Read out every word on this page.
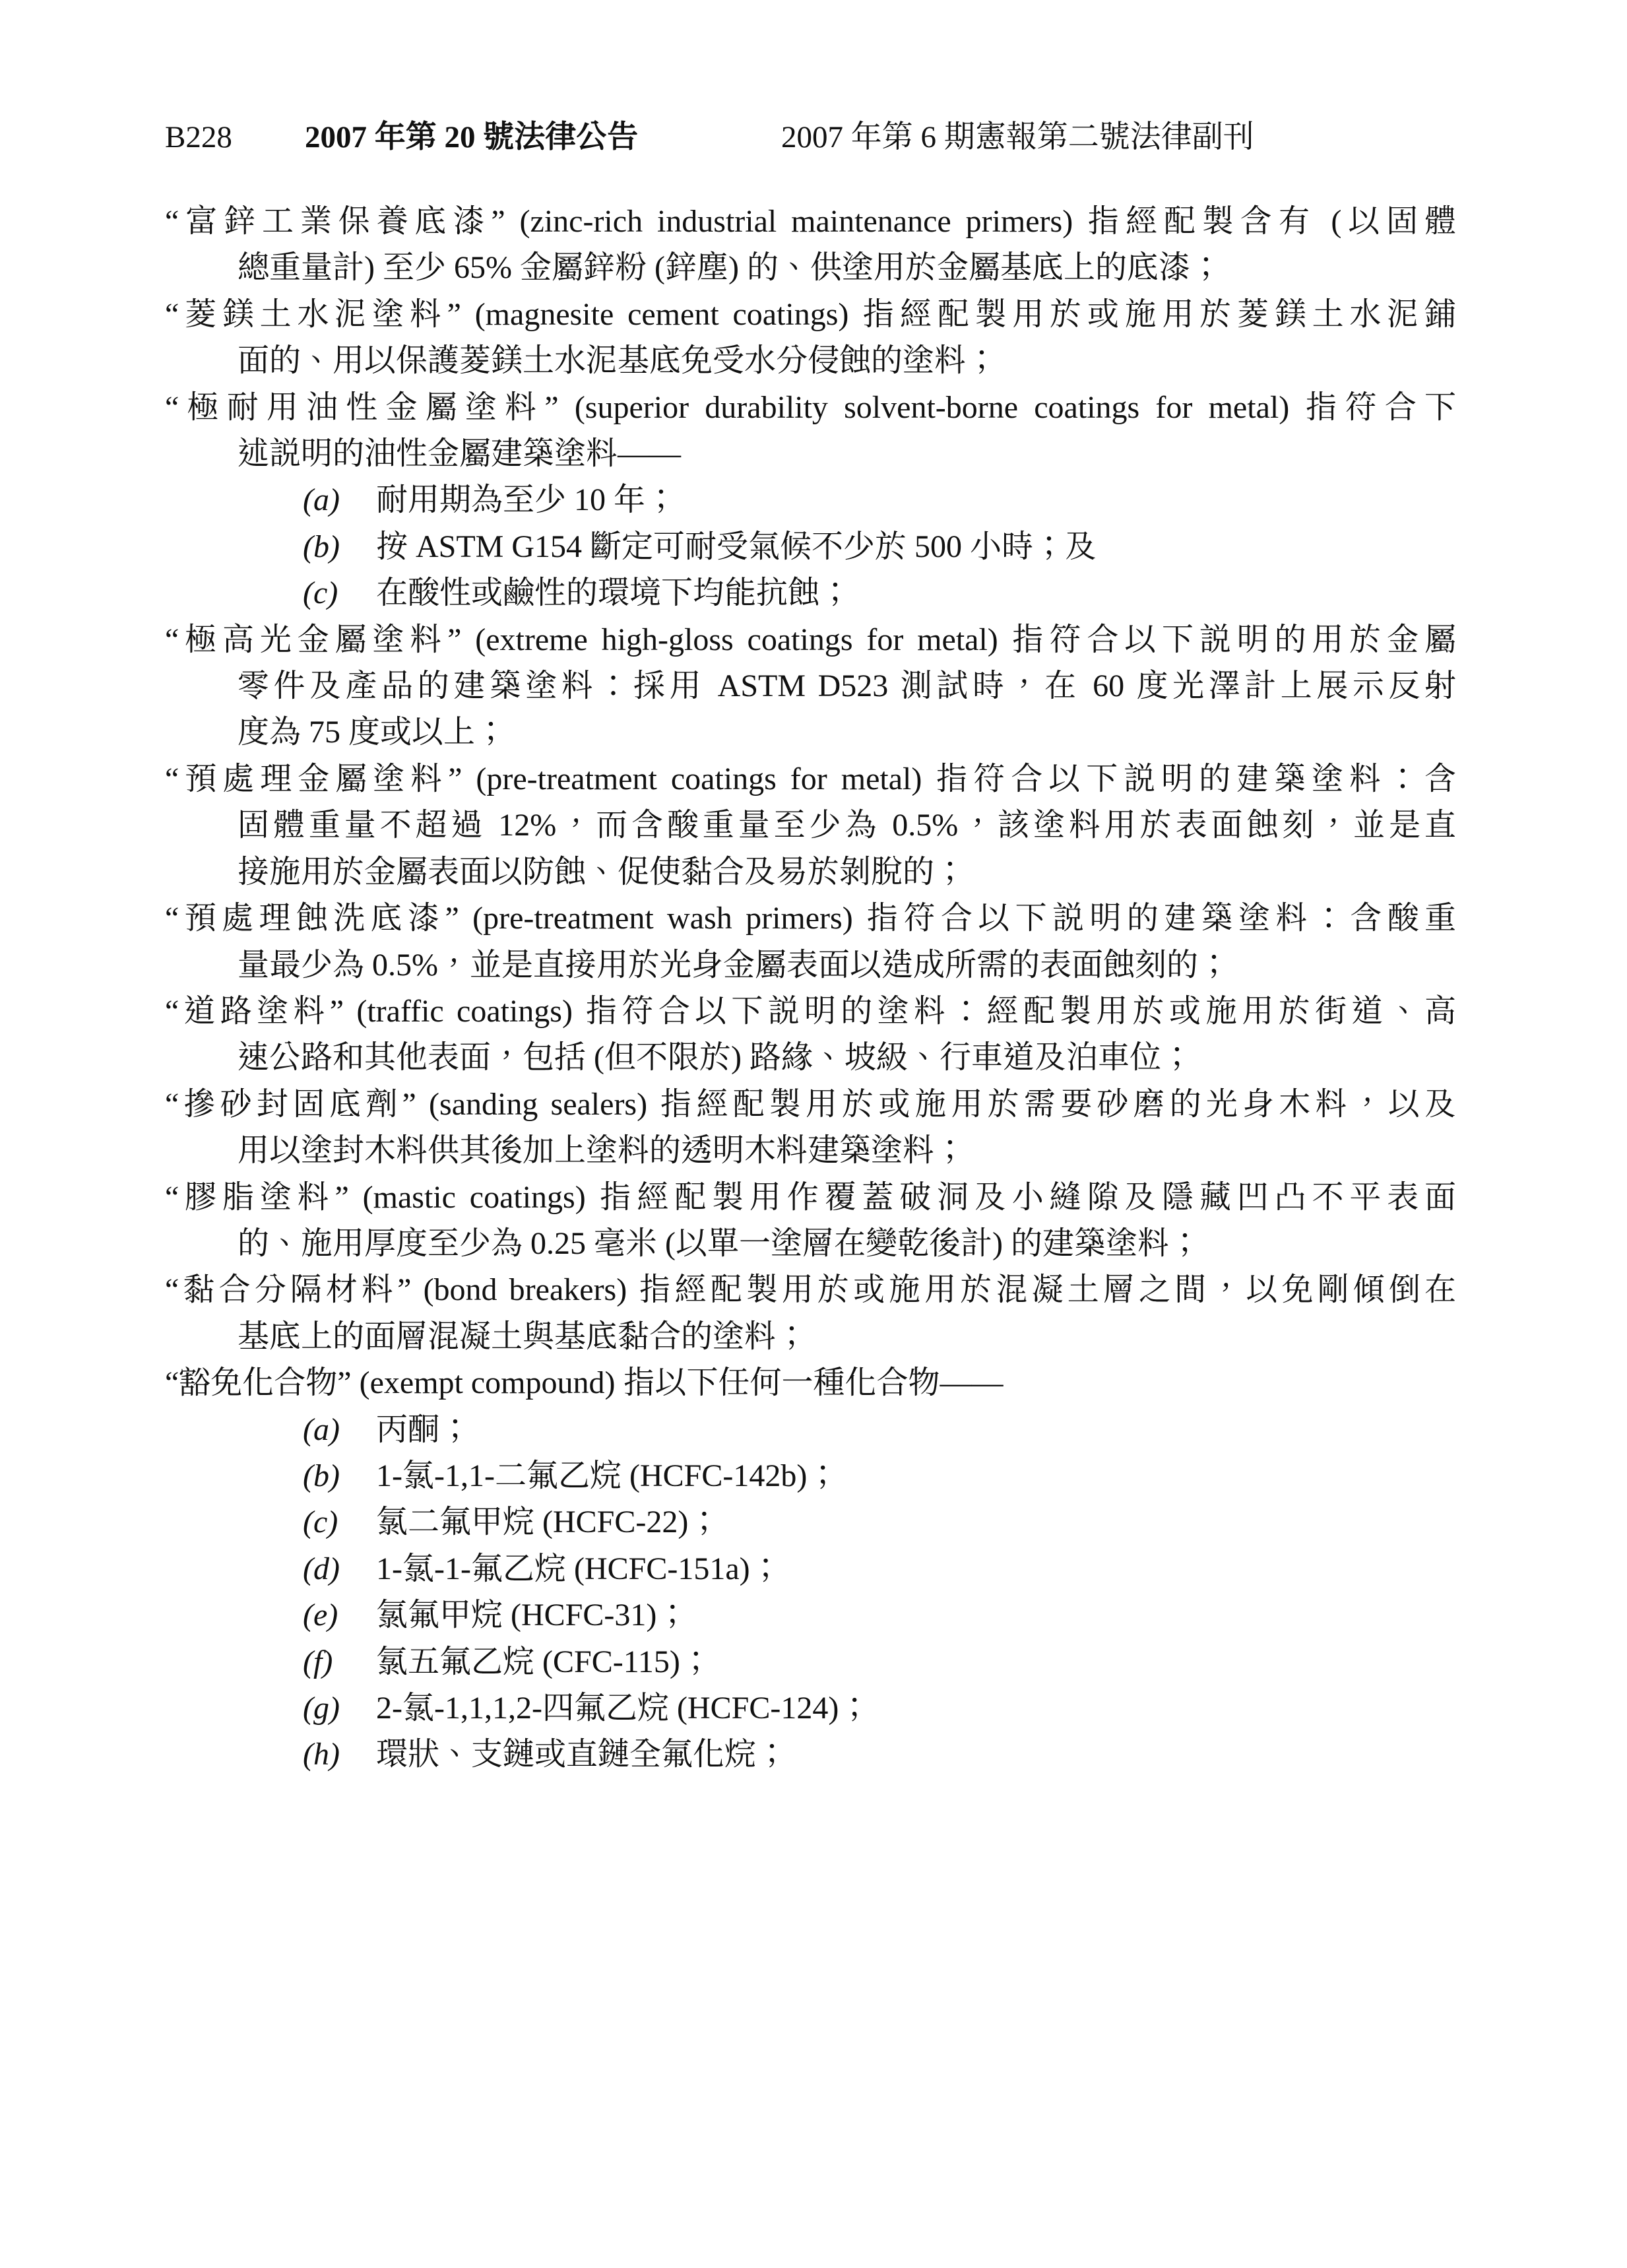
B228 2007 年第 20 號法律公告	2007 年第 6 期憲報第二號法律副刊
“富鋅工業保養底漆” (zinc-rich industrial maintenance primers) 指經配製含有 (以固體
總重量計) 至少 65% 金屬鋅粉 (鋅塵) 的、供塗用於金屬基底上的底漆；
“菱鎂土水泥塗料” (magnesite cement coatings) 指經配製用於或施用於菱鎂土水泥鋪
面的、用以保護菱鎂土水泥基底免受水分侵蝕的塗料；
“極耐用油性金屬塗料” (superior durability solvent-borne coatings for metal) 指符合下
述説明的油性金屬建築塗料——
(a) 耐用期為至少 10 年；
(b) 按 ASTM G154 斷定可耐受氣候不少於 500 小時；及
(c) 在酸性或鹼性的環境下均能抗蝕；
“極高光金屬塗料” (extreme high-gloss coatings for metal) 指符合以下説明的用於金屬
零件及產品的建築塗料：採用 ASTM D523 測試時，在 60 度光澤計上展示反射
度為 75 度或以上；
“預處理金屬塗料” (pre-treatment coatings for metal) 指符合以下説明的建築塗料：含
固體重量不超過 12%，而含酸重量至少為 0.5%，該塗料用於表面蝕刻，並是直
接施用於金屬表面以防蝕、促使黏合及易於剝脫的；
“預處理蝕洗底漆” (pre-treatment wash primers) 指符合以下説明的建築塗料：含酸重
量最少為 0.5%，並是直接用於光身金屬表面以造成所需的表面蝕刻的；
“道路塗料” (traffic coatings) 指符合以下説明的塗料：經配製用於或施用於街道、高
速公路和其他表面，包括 (但不限於) 路緣、坡級、行車道及泊車位；
“摻砂封固底劑” (sanding sealers) 指經配製用於或施用於需要砂磨的光身木料，以及
用以塗封木料供其後加上塗料的透明木料建築塗料；
“膠脂塗料” (mastic coatings) 指經配製用作覆蓋破洞及小縫隙及隱藏凹凸不平表面
的、施用厚度至少為 0.25 毫米 (以單一塗層在變乾後計) 的建築塗料；
“黏合分隔材料” (bond breakers) 指經配製用於或施用於混凝土層之間，以免剛傾倒在
基底上的面層混凝土與基底黏合的塗料；
“豁免化合物” (exempt compound) 指以下任何一種化合物——
(a) 丙酮；
(b) 1-氯-1,1-二氟乙烷 (HCFC-142b)；
(c) 氯二氟甲烷 (HCFC-22)；
(d) 1-氯-1-氟乙烷 (HCFC-151a)；
(e) 氯氟甲烷 (HCFC-31)；
(f) 氯五氟乙烷 (CFC-115)；
(g) 2-氯-1,1,1,2-四氟乙烷 (HCFC-124)；
(h) 環狀、支鏈或直鏈全氟化烷；
